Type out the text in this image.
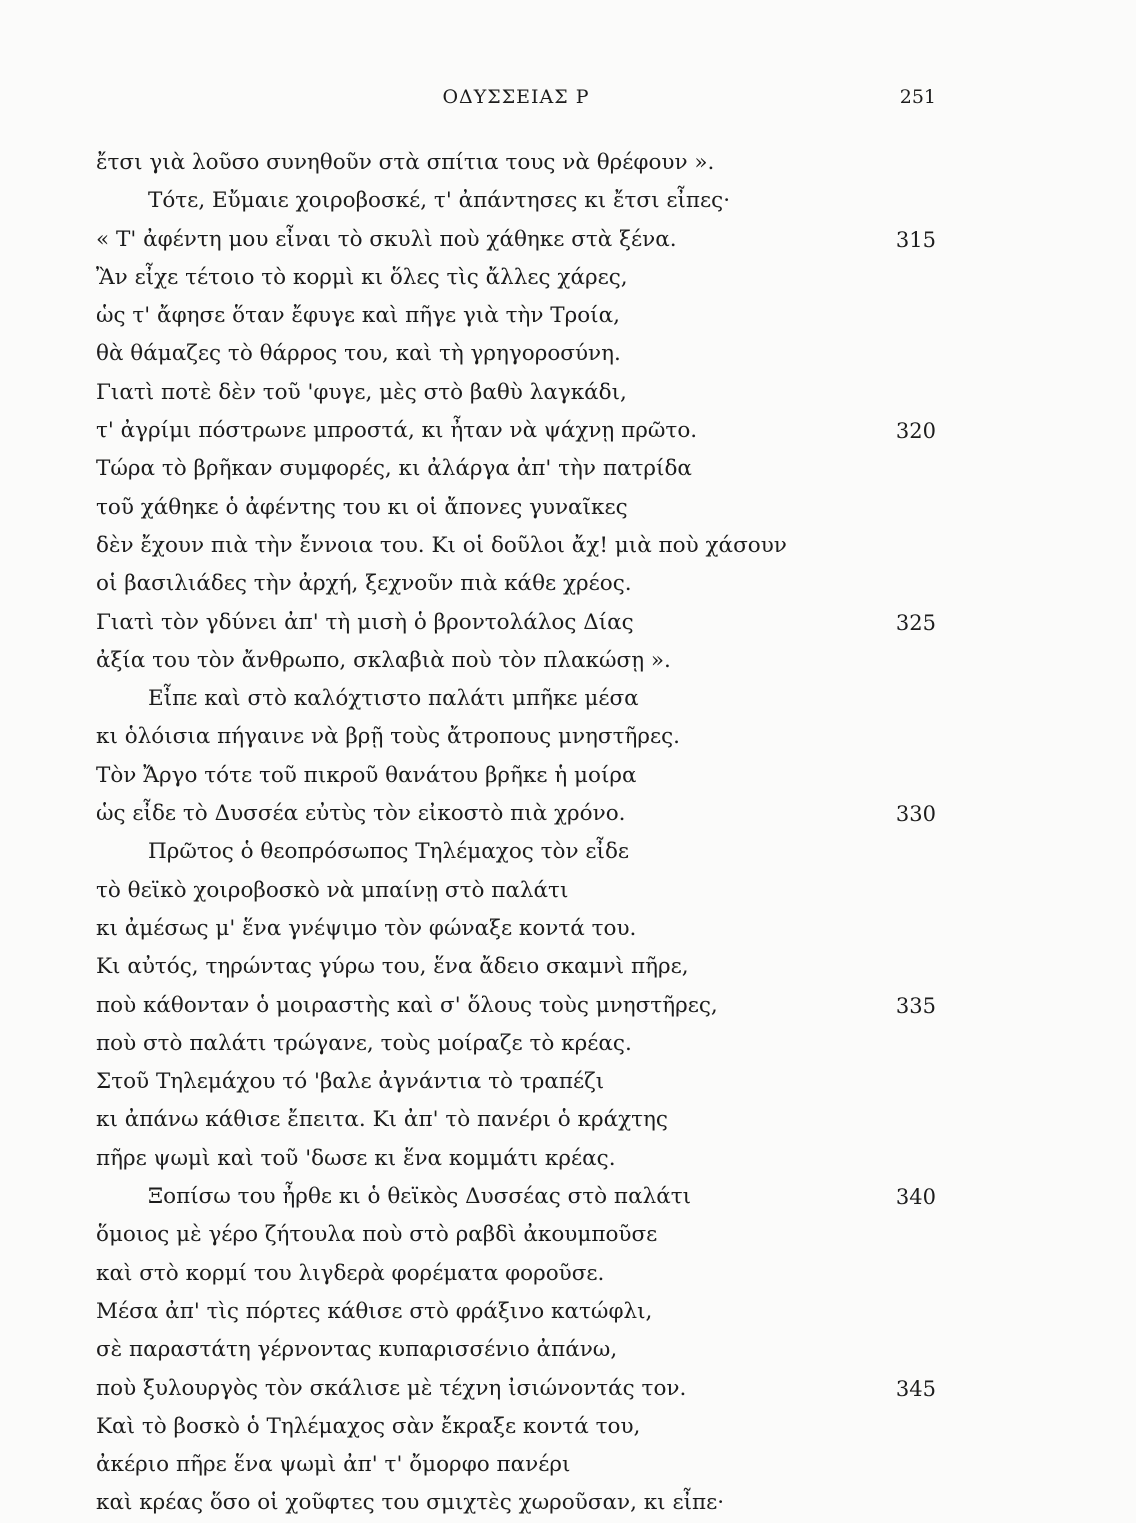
ΟΔΥΣΣΕΙΑΣ Ρ	251
ἔτσι γιὰ λοῦσο συνηθοῦν στὰ σπίτια τους νὰ θρέφουν ».
Τότε, Εὔμαιε χοιροβοσκέ, τ' ἀπάντησες κι ἔτσι εἶπες·
« Τ' ἀφέντη μου εἶναι τὸ σκυλὶ ποὺ χάθηκε στὰ ξένα.	315
Ἂν εἶχε τέτοιο τὸ κορμὶ κι ὅλες τὶς ἄλλες χάρες,
ὡς τ' ἄφησε ὅταν ἔφυγε καὶ πῆγε γιὰ τὴν Τροία,
θὰ θάμαζες τὸ θάρρος του, καὶ τὴ γρηγοροσύνη.
Γιατὶ ποτὲ δὲν τοῦ 'φυγε, μὲς στὸ βαθὺ λαγκάδι,
τ' ἀγρίμι πόστρωνε μπροστά, κι ἦταν νὰ ψάχνῃ πρῶτο.	320
Τώρα τὸ βρῆκαν συμφορές, κι ἀλάργα ἀπ' τὴν πατρίδα
τοῦ χάθηκε ὁ ἀφέντης του κι οἱ ἄπονες γυναῖκες
δὲν ἔχουν πιὰ τὴν ἔννοια του. Κι οἱ δοῦλοι ἄχ! μιὰ ποὺ χάσουν
οἱ βασιλιάδες τὴν ἀρχή, ξεχνοῦν πιὰ κάθε χρέος.
Γιατὶ τὸν γδύνει ἀπ' τὴ μισὴ ὁ βροντολάλος Δίας	325
ἀξία του τὸν ἄνθρωπο, σκλαβιὰ ποὺ τὸν πλακώσῃ ».
Εἶπε καὶ στὸ καλόχτιστο παλάτι μπῆκε μέσα
κι ὁλόισια πήγαινε νὰ βρῇ τοὺς ἄτροπους μνηστῆρες.
Τὸν Ἄργο τότε τοῦ πικροῦ θανάτου βρῆκε ἡ μοίρα
ὡς εἶδε τὸ Δυσσέα εὐτὺς τὸν εἰκοστὸ πιὰ χρόνο.	330
Πρῶτος ὁ θεοπρόσωπος Τηλέμαχος τὸν εἶδε
τὸ θεϊκὸ χοιροβοσκὸ νὰ μπαίνῃ στὸ παλάτι
κι ἀμέσως μ' ἕνα γνέψιμο τὸν φώναξε κοντά του.
Κι αὐτός, τηρώντας γύρω του, ἕνα ἄδειο σκαμνὶ πῆρε,
ποὺ κάθονταν ὁ μοιραστὴς καὶ σ' ὅλους τοὺς μνηστῆρες,	335
ποὺ στὸ παλάτι τρώγανε, τοὺς μοίραζε τὸ κρέας.
Στοῦ Τηλεμάχου τό 'βαλε ἀγνάντια τὸ τραπέζι
κι ἀπάνω κάθισε ἔπειτα. Κι ἀπ' τὸ πανέρι ὁ κράχτης
πῆρε ψωμὶ καὶ τοῦ 'δωσε κι ἕνα κομμάτι κρέας.
Ξοπίσω του ἦρθε κι ὁ θεϊκὸς Δυσσέας στὸ παλάτι	340
ὅμοιος μὲ γέρο ζήτουλα ποὺ στὸ ραβδὶ ἀκουμποῦσε
καὶ στὸ κορμί του λιγδερὰ φορέματα φοροῦσε.
Μέσα ἀπ' τὶς πόρτες κάθισε στὸ φράξινο κατώφλι,
σὲ παραστάτη γέρνοντας κυπαρισσένιο ἀπάνω,
ποὺ ξυλουργὸς τὸν σκάλισε μὲ τέχνη ἰσιώνοντάς τον.	345
Καὶ τὸ βοσκὸ ὁ Τηλέμαχος σὰν ἔκραξε κοντά του,
ἀκέριο πῆρε ἕνα ψωμὶ ἀπ' τ' ὄμορφο πανέρι
καὶ κρέας ὅσο οἱ χοῦφτες του σμιχτὲς χωροῦσαν, κι εἶπε·
